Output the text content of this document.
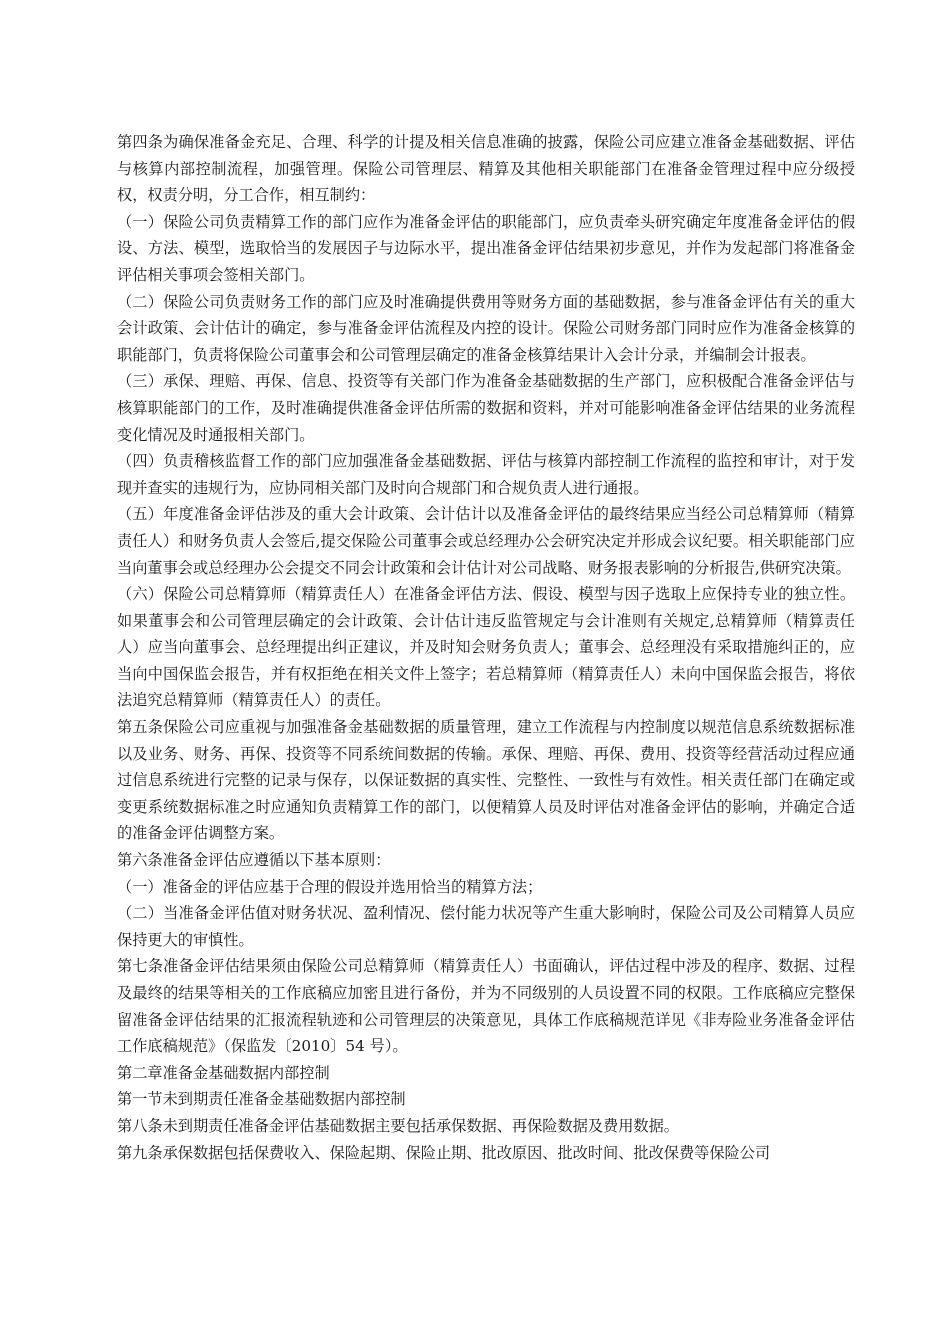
第四条为确保准备金充足、合理、科学的计提及相关信息准确的披露，保险公司应建立准备金基础数据、评估与核算内部控制流程，加强管理。保险公司管理层、精算及其他相关职能部门在准备金管理过程中应分级授权，权责分明，分工合作，相互制约：

（一）保险公司负责精算工作的部门应作为准备金评估的职能部门，应负责牵头研究确定年度准备金评估的假设、方法、模型，选取恰当的发展因子与边际水平，提出准备金评估结果初步意见，并作为发起部门将准备金评估相关事项会签相关部门。

（二）保险公司负责财务工作的部门应及时准确提供费用等财务方面的基础数据，参与准备金评估有关的重大会计政策、会计估计的确定，参与准备金评估流程及内控的设计。保险公司财务部门同时应作为准备金核算的职能部门，负责将保险公司董事会和公司管理层确定的准备金核算结果计入会计分录，并编制会计报表。

（三）承保、理赔、再保、信息、投资等有关部门作为准备金基础数据的生产部门，应积极配合准备金评估与核算职能部门的工作，及时准确提供准备金评估所需的数据和资料，并对可能影响准备金评估结果的业务流程变化情况及时通报相关部门。

（四）负责稽核监督工作的部门应加强准备金基础数据、评估与核算内部控制工作流程的监控和审计，对于发现并查实的违规行为，应协同相关部门及时向合规部门和合规负责人进行通报。

（五）年度准备金评估涉及的重大会计政策、会计估计以及准备金评估的最终结果应当经公司总精算师（精算责任人）和财务负责人会签后,提交保险公司董事会或总经理办公会研究决定并形成会议纪要。相关职能部门应当向董事会或总经理办公会提交不同会计政策和会计估计对公司战略、财务报表影响的分析报告,供研究决策。

（六）保险公司总精算师（精算责任人）在准备金评估方法、假设、模型与因子选取上应保持专业的独立性。如果董事会和公司管理层确定的会计政策、会计估计违反监管规定与会计准则有关规定,总精算师（精算责任人）应当向董事会、总经理提出纠正建议，并及时知会财务负责人；董事会、总经理没有采取措施纠正的，应当向中国保监会报告，并有权拒绝在相关文件上签字；若总精算师（精算责任人）未向中国保监会报告，将依法追究总精算师（精算责任人）的责任。

第五条保险公司应重视与加强准备金基础数据的质量管理，建立工作流程与内控制度以规范信息系统数据标准以及业务、财务、再保、投资等不同系统间数据的传输。承保、理赔、再保、费用、投资等经营活动过程应通过信息系统进行完整的记录与保存，以保证数据的真实性、完整性、一致性与有效性。相关责任部门在确定或变更系统数据标准之时应通知负责精算工作的部门，以便精算人员及时评估对准备金评估的影响，并确定合适的准备金评估调整方案。

第六条准备金评估应遵循以下基本原则：

（一）准备金的评估应基于合理的假设并选用恰当的精算方法；

（二）当准备金评估值对财务状况、盈利情况、偿付能力状况等产生重大影响时，保险公司及公司精算人员应保持更大的审慎性。

第七条准备金评估结果须由保险公司总精算师（精算责任人）书面确认，评估过程中涉及的程序、数据、过程及最终的结果等相关的工作底稿应加密且进行备份，并为不同级别的人员设置不同的权限。工作底稿应完整保留准备金评估结果的汇报流程轨迹和公司管理层的决策意见，具体工作底稿规范详见《非寿险业务准备金评估工作底稿规范》（保监发〔2010〕54 号）。

第二章准备金基础数据内部控制

第一节未到期责任准备金基础数据内部控制

第八条未到期责任准备金评估基础数据主要包括承保数据、再保险数据及费用数据。

第九条承保数据包括保费收入、保险起期、保险止期、批改原因、批改时间、批改保费等保险公司
